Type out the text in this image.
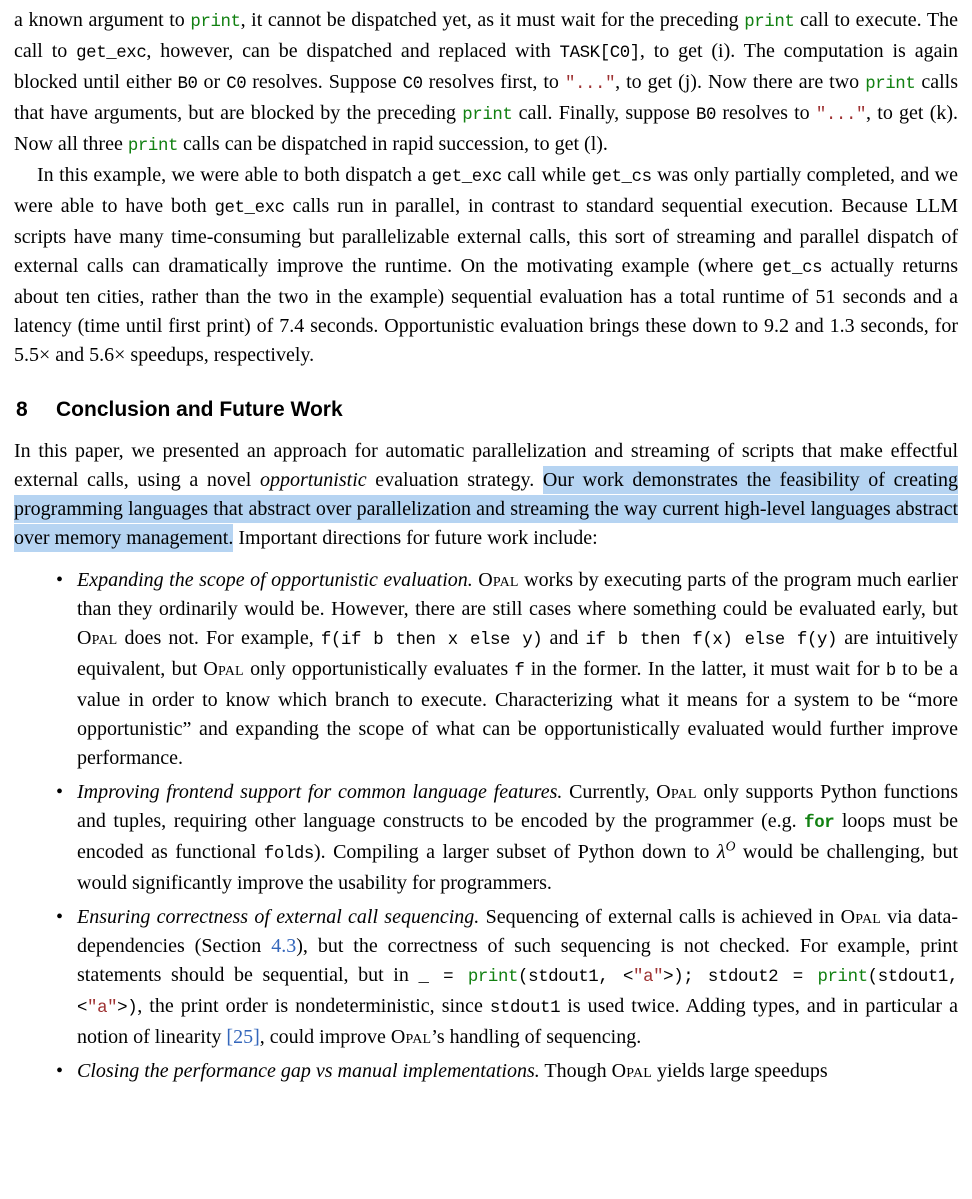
a known argument to print, it cannot be dispatched yet, as it must wait for the preceding print call to execute. The call to get_exc, however, can be dispatched and replaced with TASK[C0], to get (i). The computation is again blocked until either B0 or C0 resolves. Suppose C0 resolves first, to "...", to get (j). Now there are two print calls that have arguments, but are blocked by the preceding print call. Finally, suppose B0 resolves to "...", to get (k). Now all three print calls can be dispatched in rapid succession, to get (l).

In this example, we were able to both dispatch a get_exc call while get_cs was only partially completed, and we were able to have both get_exc calls run in parallel, in contrast to standard sequential execution. Because LLM scripts have many time-consuming but parallelizable external calls, this sort of streaming and parallel dispatch of external calls can dramatically improve the runtime. On the motivating example (where get_cs actually returns about ten cities, rather than the two in the example) sequential evaluation has a total runtime of 51 seconds and a latency (time until first print) of 7.4 seconds. Opportunistic evaluation brings these down to 9.2 and 1.3 seconds, for 5.5× and 5.6× speedups, respectively.

8 Conclusion and Future Work

In this paper, we presented an approach for automatic parallelization and streaming of scripts that make effectful external calls, using a novel opportunistic evaluation strategy. Our work demonstrates the feasibility of creating programming languages that abstract over parallelization and streaming the way current high-level languages abstract over memory management. Important directions for future work include:

• Expanding the scope of opportunistic evaluation. Opal works by executing parts of the program much earlier than they ordinarily would be. However, there are still cases where something could be evaluated early, but Opal does not. For example, f(if b then x else y) and if b then f(x) else f(y) are intuitively equivalent, but Opal only opportunistically evaluates f in the former. In the latter, it must wait for b to be a value in order to know which branch to execute. Characterizing what it means for a system to be “more opportunistic” and expanding the scope of what can be opportunistically evaluated would further improve performance.
• Improving frontend support for common language features. Currently, Opal only supports Python functions and tuples, requiring other language constructs to be encoded by the programmer (e.g. for loops must be encoded as functional folds). Compiling a larger subset of Python down to $\lambda^O$ would be challenging, but would significantly improve the usability for programmers.
• Ensuring correctness of external call sequencing. Sequencing of external calls is achieved in Opal via data-dependencies (Section 4.3), but the correctness of such sequencing is not checked. For example, print statements should be sequential, but in _ = print(stdout1, <"a">); stdout2 = print(stdout1, <"a">), the print order is nondeterministic, since stdout1 is used twice. Adding types, and in particular a notion of linearity [25], could improve Opal’s handling of sequencing.
• Closing the performance gap vs manual implementations. Though Opal yields large speedups
